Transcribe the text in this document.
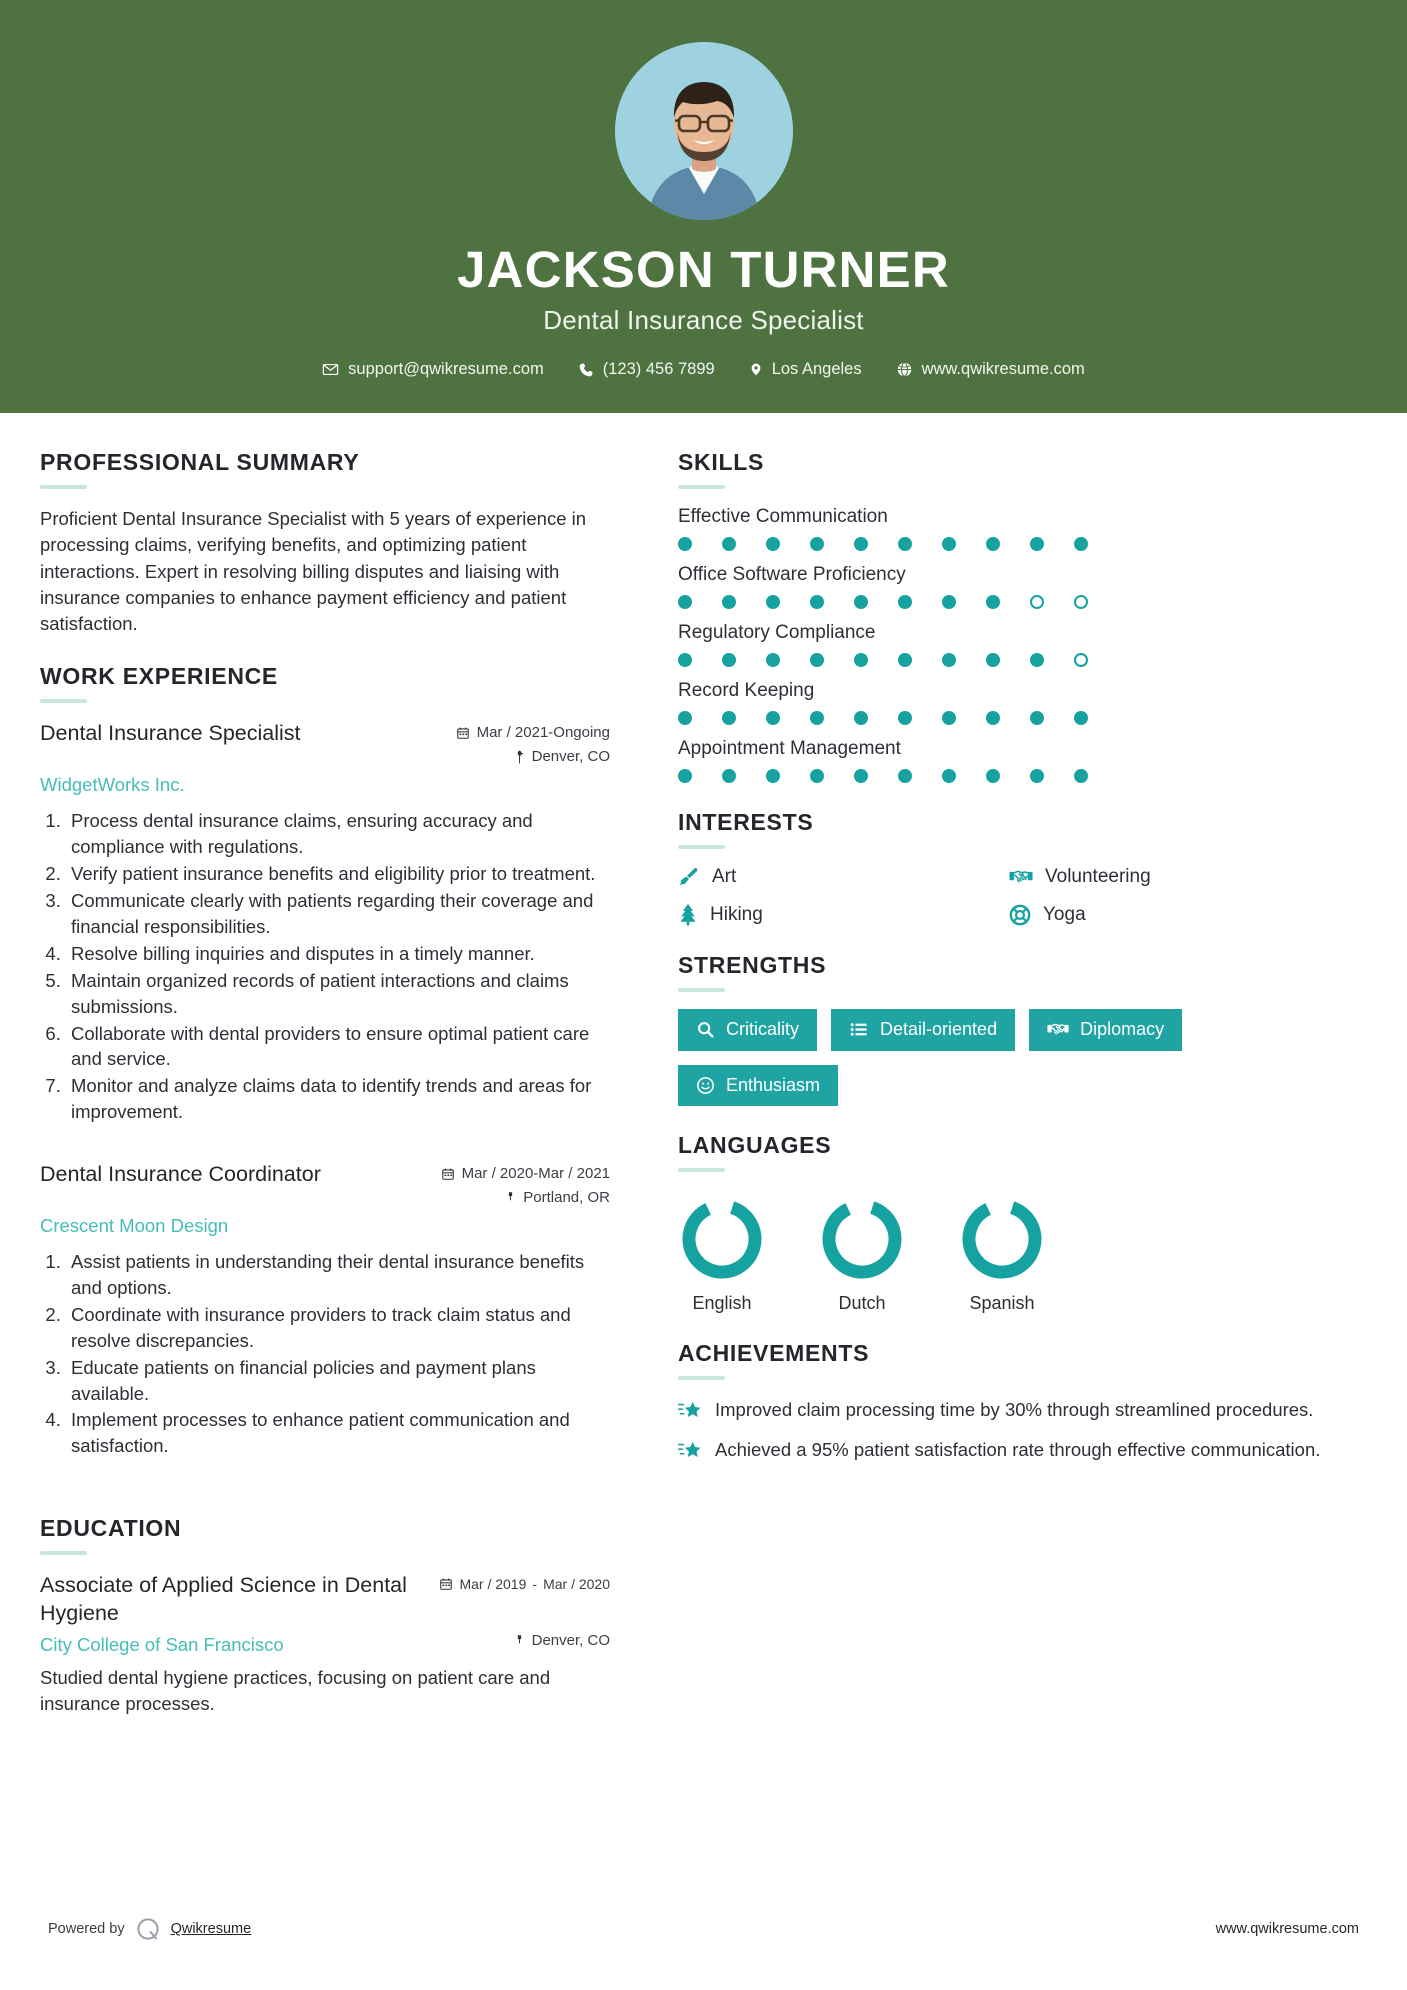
JACKSON TURNER
Dental Insurance Specialist
support@qwikresume.com	(123) 456 7899	Los Angeles	www.qwikresume.com
PROFESSIONAL SUMMARY
Proficient Dental Insurance Specialist with 5 years of experience in processing claims, verifying benefits, and optimizing patient interactions. Expert in resolving billing disputes and liaising with insurance companies to enhance payment efficiency and patient satisfaction.
WORK EXPERIENCE
Dental Insurance Specialist	Mar / 2021-Ongoing
Denver, CO
WidgetWorks Inc.
1. Process dental insurance claims, ensuring accuracy and compliance with regulations.
2. Verify patient insurance benefits and eligibility prior to treatment.
3. Communicate clearly with patients regarding their coverage and financial responsibilities.
4. Resolve billing inquiries and disputes in a timely manner.
5. Maintain organized records of patient interactions and claims submissions.
6. Collaborate with dental providers to ensure optimal patient care and service.
7. Monitor and analyze claims data to identify trends and areas for improvement.
Dental Insurance Coordinator	Mar / 2020-Mar / 2021
Portland, OR
Crescent Moon Design
1. Assist patients in understanding their dental insurance benefits and options.
2. Coordinate with insurance providers to track claim status and resolve discrepancies.
3. Educate patients on financial policies and payment plans available.
4. Implement processes to enhance patient communication and satisfaction.
EDUCATION
Associate of Applied Science in Dental Hygiene
Mar / 2019 - Mar / 2020
City College of San Francisco	Denver, CO
Studied dental hygiene practices, focusing on patient care and insurance processes.
SKILLS
Effective Communication
Office Software Proficiency
Regulatory Compliance
Record Keeping
Appointment Management
INTERESTS
Art	Volunteering
Hiking	Yoga
STRENGTHS
Criticality	Detail-oriented	Diplomacy
Enthusiasm
LANGUAGES
English	Dutch	Spanish
ACHIEVEMENTS
Improved claim processing time by 30% through streamlined procedures.
Achieved a 95% patient satisfaction rate through effective communication.
Powered by	Qwikresume	www.qwikresume.com
